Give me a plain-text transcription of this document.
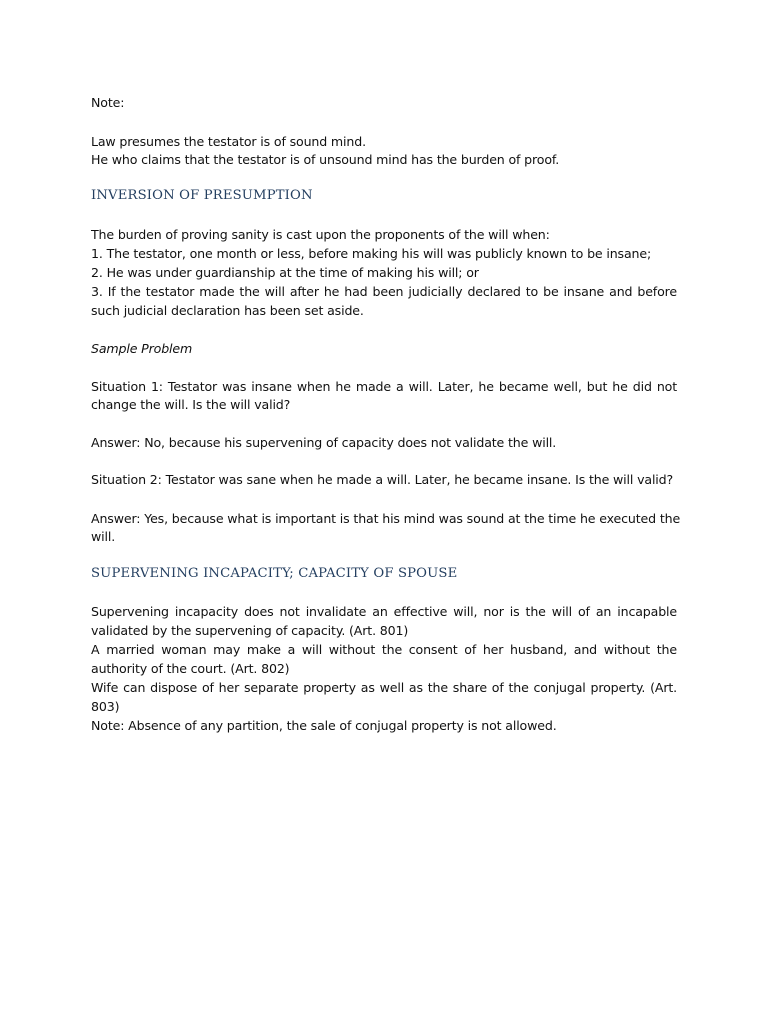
Note:
Law presumes the testator is of sound mind.
He who claims that the testator is of unsound mind has the burden of proof.
INVERSION OF PRESUMPTION
The burden of proving sanity is cast upon the proponents of the will when:
1. The testator, one month or less, before making his will was publicly known to be insane;
2. He was under guardianship at the time of making his will; or
3. If the testator made the will after he had been judicially declared to be insane and before
such judicial declaration has been set aside.
Sample Problem
Situation 1: Testator was insane when he made a will. Later, he became well, but he did not
change the will. Is the will valid?
Answer: No, because his supervening of capacity does not validate the will.
Situation 2: Testator was sane when he made a will. Later, he became insane. Is the will valid?
Answer: Yes, because what is important is that his mind was sound at the time he executed the
will.
SUPERVENING INCAPACITY; CAPACITY OF SPOUSE
Supervening incapacity does not invalidate an effective will, nor is the will of an incapable
validated by the supervening of capacity. (Art. 801)
A married woman may make a will without the consent of her husband, and without the
authority of the court. (Art. 802)
Wife can dispose of her separate property as well as the share of the conjugal property. (Art.
803)
Note: Absence of any partition, the sale of conjugal property is not allowed.
